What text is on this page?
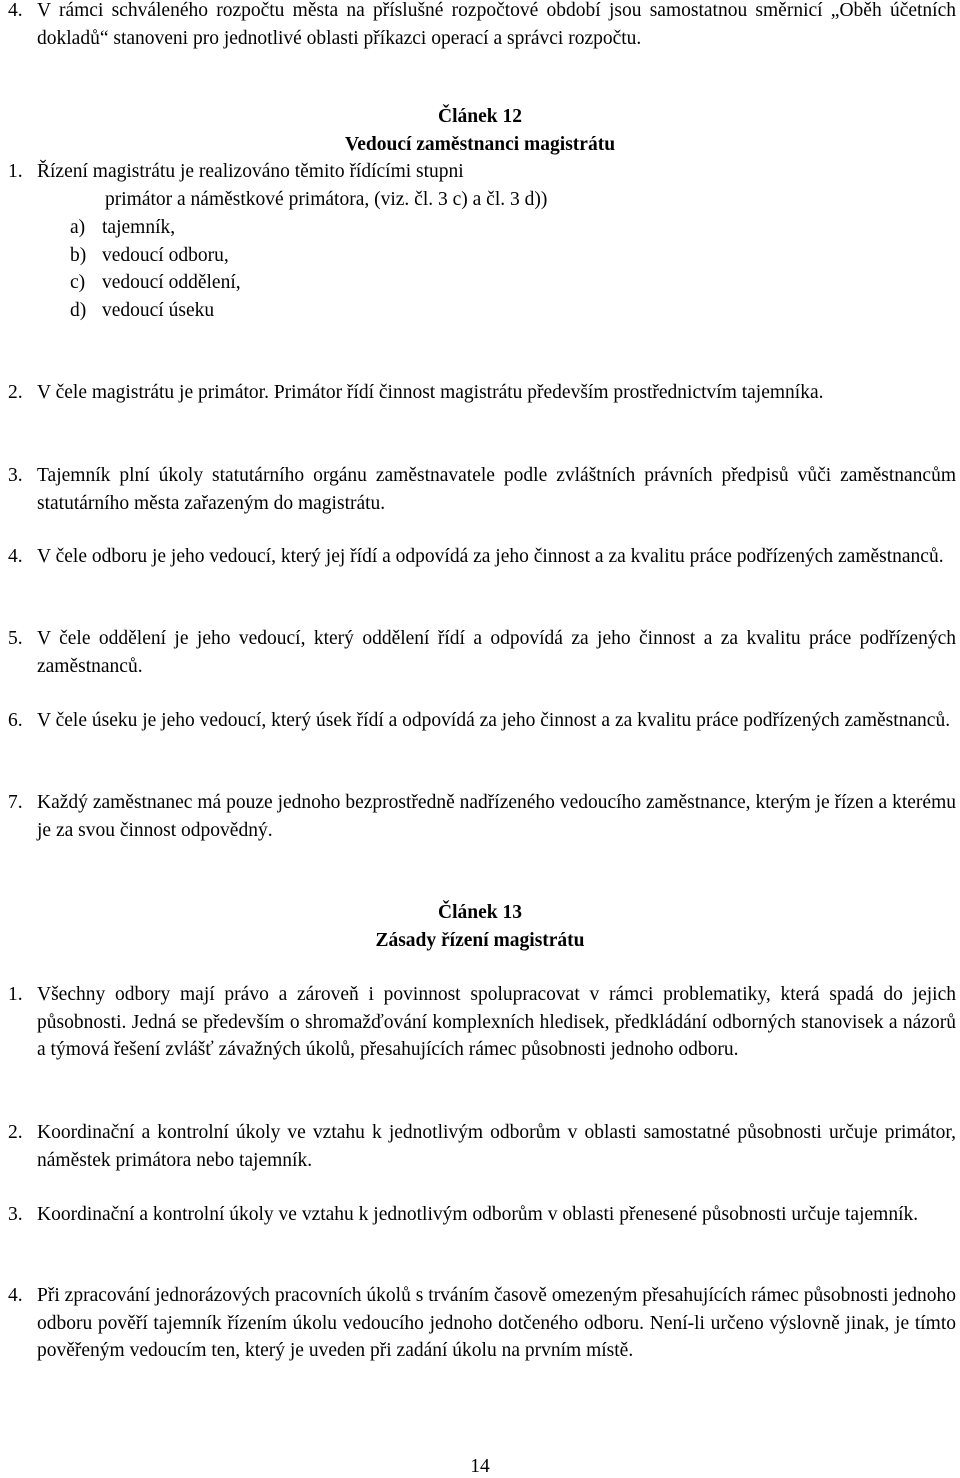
4. V rámci schváleného rozpočtu města na příslušné rozpočtové období jsou samostatnou směrnicí „Oběh účetních dokladů“ stanoveni pro jednotlivé oblasti příkazci operací a správci rozpočtu.
Článek 12
Vedoucí zaměstnanci magistrátu
1. Řízení magistrátu je realizováno těmito řídícími stupni
primátor a náměstkové primátora, (viz. čl. 3 c) a čl. 3 d))
a) tajemník,
b) vedoucí odboru,
c) vedoucí oddělení,
d) vedoucí úseku
2. V čele magistrátu je primátor. Primátor řídí činnost magistrátu především prostřednictvím tajemníka.
3. Tajemník plní úkoly statutárního orgánu zaměstnavatele podle zvláštních právních předpisů vůči zaměstnancům statutárního města zařazeným do magistrátu.
4. V čele odboru je jeho vedoucí, který jej řídí a odpovídá za jeho činnost a za kvalitu práce podřízených zaměstnanců.
5. V čele oddělení je jeho vedoucí, který oddělení řídí a odpovídá za jeho činnost a za kvalitu práce podřízených zaměstnanců.
6. V čele úseku je jeho vedoucí, který úsek řídí a odpovídá za jeho činnost a za kvalitu práce podřízených zaměstnanců.
7. Každý zaměstnanec má pouze jednoho bezprostředně nadřízeného vedoucího zaměstnance, kterým je řízen a kterému je za svou činnost odpovědný.
Článek 13
Zásady řízení magistrátu
1. Všechny odbory mají právo a zároveň i povinnost spolupracovat v rámci problematiky, která spadá do jejich působnosti. Jedná se především o shromažďování komplexních hledisek, předkládání odborných stanovisek a názorů a týmová řešení zvlášť závažných úkolů, přesahujících rámec působnosti jednoho odboru.
2. Koordinační a kontrolní úkoly ve vztahu k jednotlivým odborům v oblasti samostatné působnosti určuje primátor, náměstek primátora nebo tajemník.
3. Koordinační a kontrolní úkoly ve vztahu k jednotlivým odborům v oblasti přenesené působnosti určuje tajemník.
4. Při zpracování jednorázových pracovních úkolů s trváním časově omezeným přesahujících rámec působnosti jednoho odboru pověří tajemník řízením úkolu vedoucího jednoho dotčeného odboru. Není-li určeno výslovně jinak, je tímto pověřeným vedoucím ten, který je uveden při zadání úkolu na prvním místě.
14
